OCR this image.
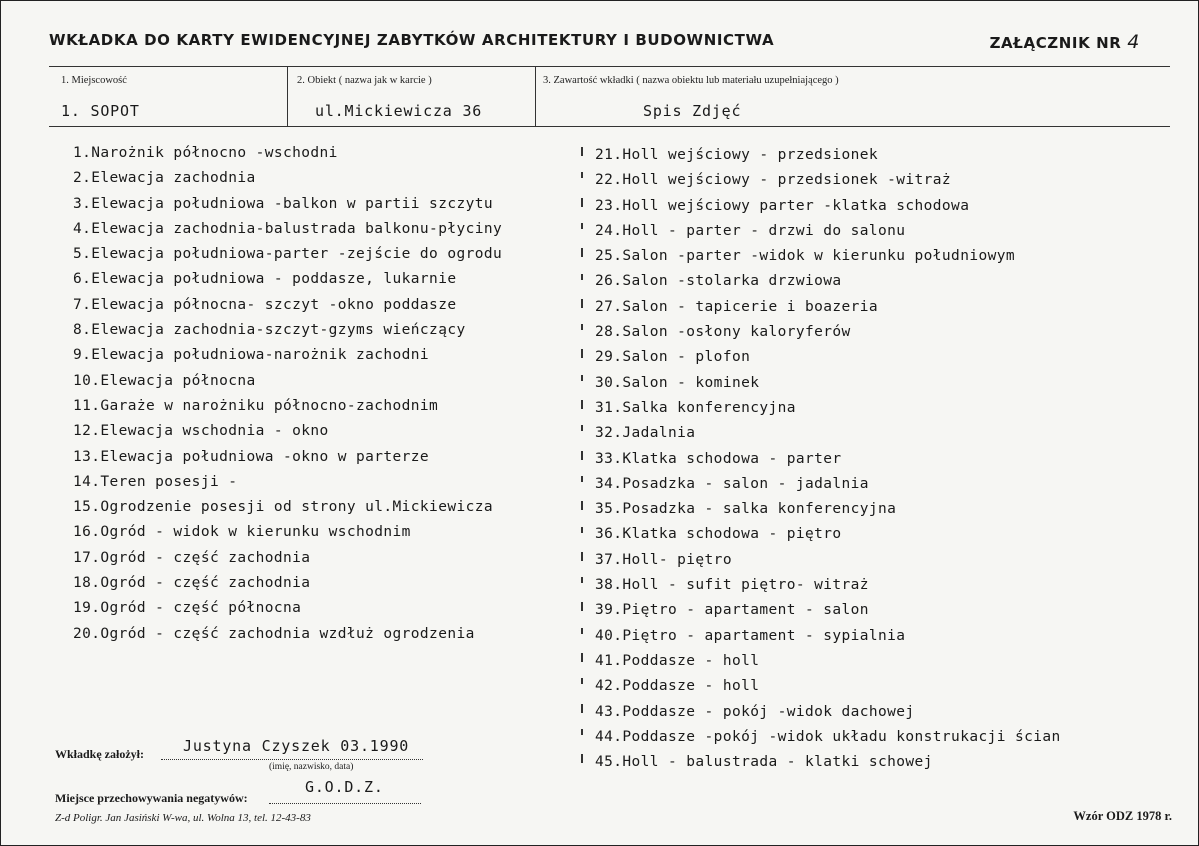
WKŁADKA DO KARTY EWIDENCYJNEJ ZABYTKÓW ARCHITEKTURY I BUDOWNICTWA	ZAŁĄCZNIK NR 4
1. Miejscowość
1. SOPOT
2. Obiekt ( nazwa jak w karcie )
ul.Mickiewicza 36
3. Zawartość wkładki ( nazwa obiektu lub materiału uzupełniającego )
Spis Zdjęć
1.Narożnik północno -wschodni
2.Elewacja zachodnia
3.Elewacja południowa -balkon w partii szczytu
4.Elewacja zachodnia-balustrada balkonu-płyciny
5.Elewacja południowa-parter -zejście do ogrodu
6.Elewacja południowa - poddasze, lukarnie
7.Elewacja północna- szczyt -okno poddasze
8.Elewacja zachodnia-szczyt-gzyms wieńczący
9.Elewacja południowa-narożnik zachodni
10.Elewacja północna
11.Garaże w narożniku północno-zachodnim
12.Elewacja wschodnia - okno
13.Elewacja południowa -okno w parterze
14.Teren posesji -
15.Ogrodzenie posesji od strony ul.Mickiewicza
16.Ogród - widok w kierunku wschodnim
17.Ogród - część zachodnia
18.Ogród - część zachodnia
19.Ogród - część północna
20.Ogród - część zachodnia wzdłuż ogrodzenia
21.Holl wejściowy - przedsionek
22.Holl wejściowy - przedsionek -witraż
23.Holl wejściowy parter -klatka schodowa
24.Holl - parter - drzwi do salonu
25.Salon -parter -widok w kierunku południowym
26.Salon -stolarka drzwiowa
27.Salon - tapicerie i boazeria
28.Salon -osłony kaloryferów
29.Salon - plofon
30.Salon - kominek
31.Salka konferencyjna
32.Jadalnia
33.Klatka schodowa - parter
34.Posadzka - salon - jadalnia
35.Posadzka - salka konferencyjna
36.Klatka schodowa - piętro
37.Holl- piętro
38.Holl - sufit piętro- witraż
39.Piętro - apartament - salon
40.Piętro - apartament - sypialnia
41.Poddasze - holl
42.Poddasze - holl
43.Poddasze - pokój -widok dachowej
44.Poddasze -pokój -widok układu konstrukacji ścian
45.Holl - balustrada - klatki schowej
Justyna Czyszek 03.1990
Wkładkę założył:
(imię, nazwisko, data)
G.O.D.Z.
Miejsce przechowywania negatywów:
Z-d Poligr. Jan Jasiński W-wa, ul. Wolna 13, tel. 12-43-83	Wzór ODZ 1978 r.
